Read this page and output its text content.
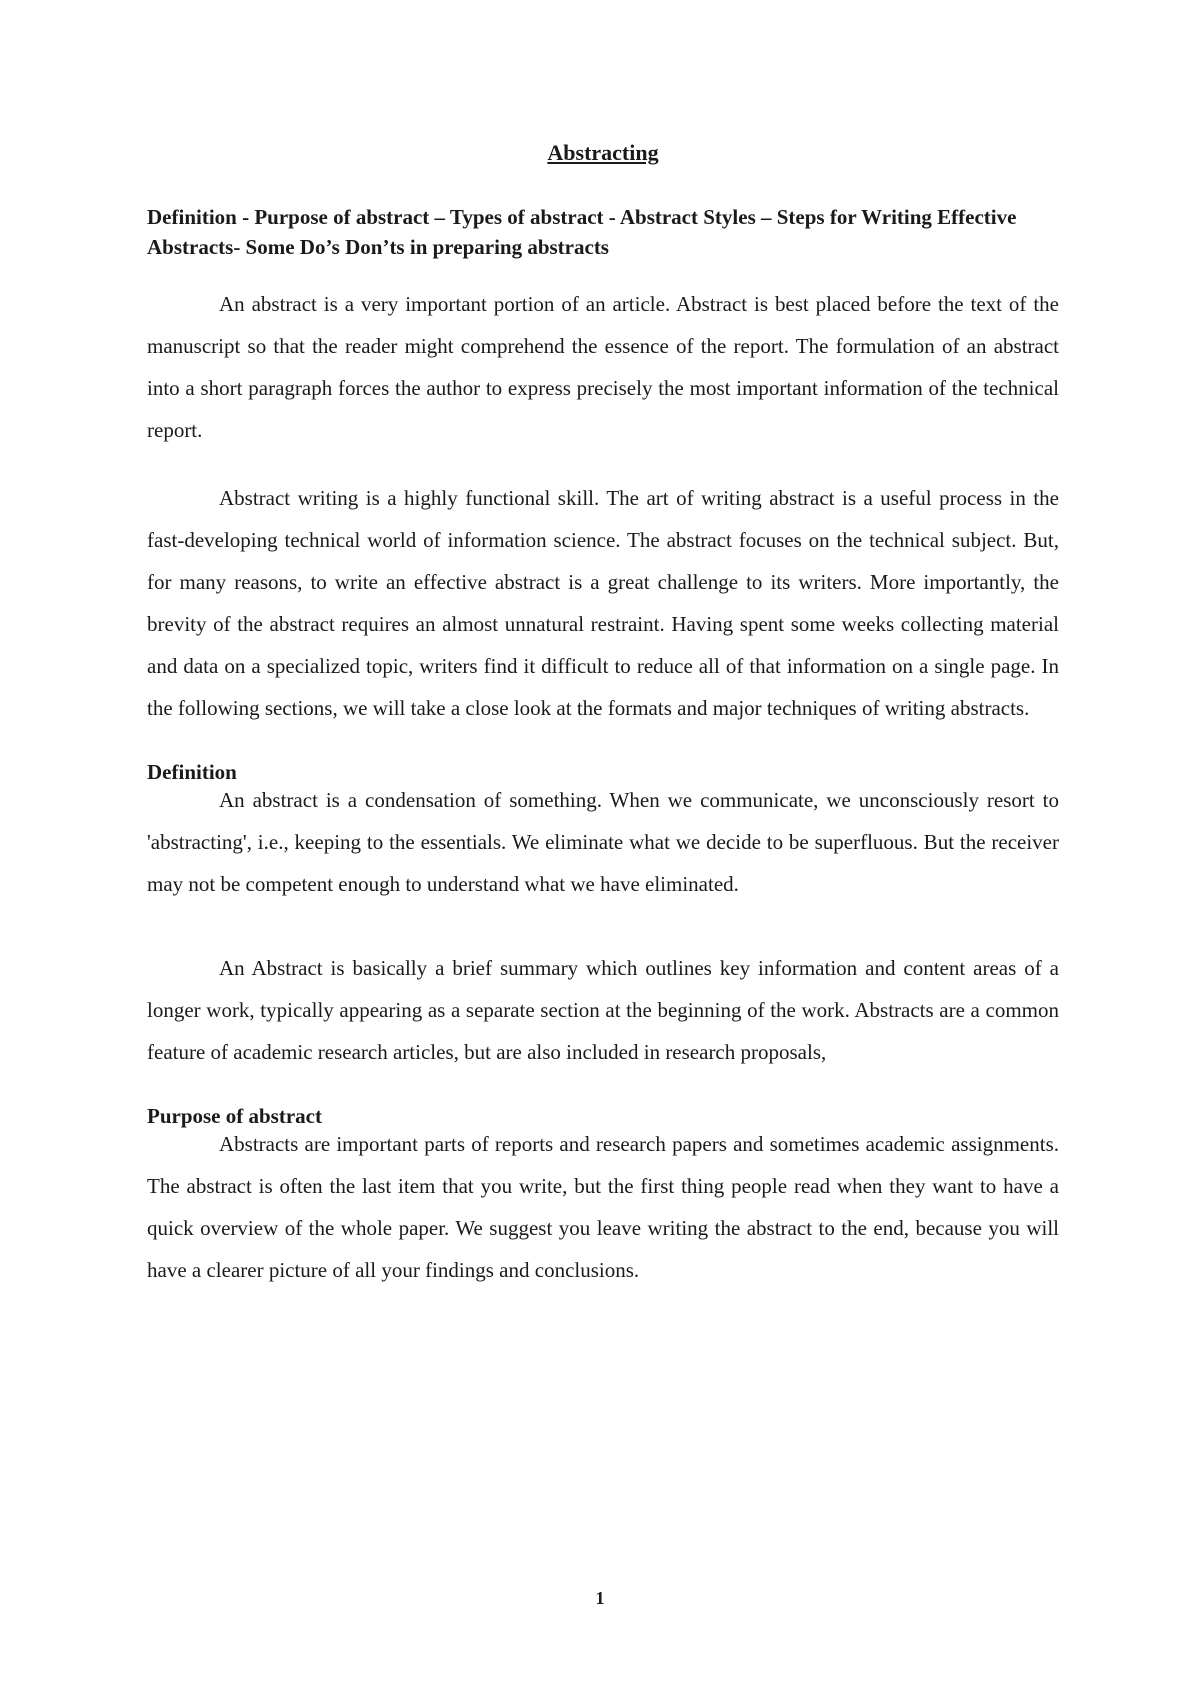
Abstracting
Definition - Purpose of abstract – Types of abstract - Abstract Styles – Steps for Writing Effective Abstracts- Some Do’s Don’ts in preparing abstracts

An abstract is a very important portion of an article. Abstract is best placed before the text of the manuscript so that the reader might comprehend the essence of the report. The formulation of an abstract into a short paragraph forces the author to express precisely the most important information of the technical report.

Abstract writing is a highly functional skill. The art of writing abstract is a useful process in the fast-developing technical world of information science. The abstract focuses on the technical subject. But, for many reasons, to write an effective abstract is a great challenge to its writers. More importantly, the brevity of the abstract requires an almost unnatural restraint. Having spent some weeks collecting material and data on a specialized topic, writers find it difficult to reduce all of that information on a single page. In the following sections, we will take a close look at the formats and major techniques of writing abstracts.

Definition

An abstract is a condensation of something. When we communicate, we unconsciously resort to 'abstracting', i.e., keeping to the essentials. We eliminate what we decide to be superfluous. But the receiver may not be competent enough to understand what we have eliminated.

An Abstract is basically a brief summary which outlines key information and content areas of a longer work, typically appearing as a separate section at the beginning of the work. Abstracts are a common feature of academic research articles, but are also included in research proposals,

Purpose of abstract

Abstracts are important parts of reports and research papers and sometimes academic assignments. The abstract is often the last item that you write, but the first thing people read when they want to have a quick overview of the whole paper. We suggest you leave writing the abstract to the end, because you will have a clearer picture of all your findings and conclusions.

1
